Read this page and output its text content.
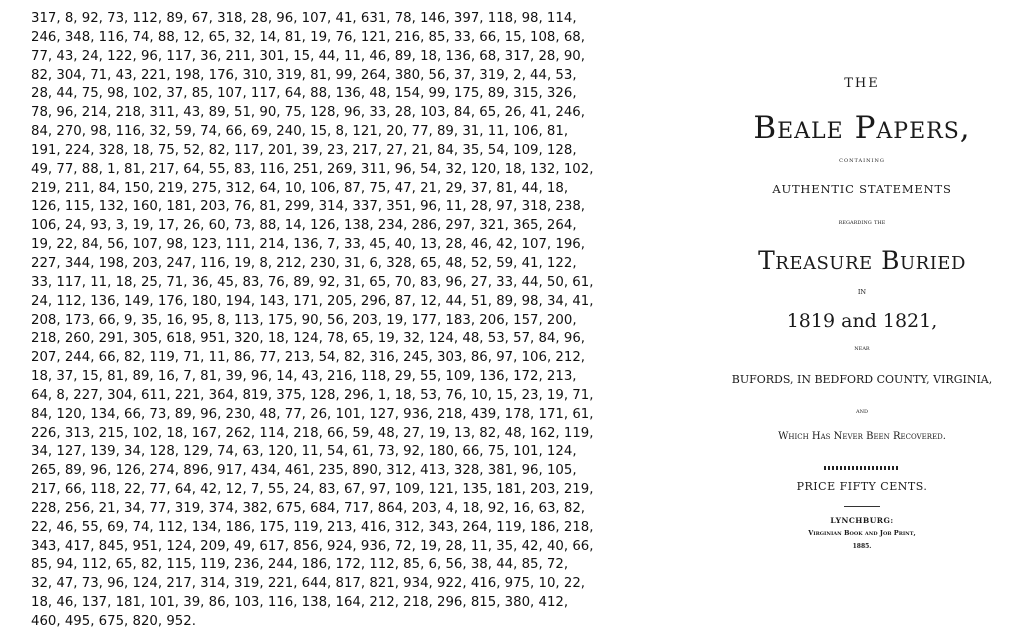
317, 8, 92, 73, 112, 89, 67, 318, 28, 96, 107, 41, 631, 78, 146, 397, 118, 98, 114,
246, 348, 116, 74, 88, 12, 65, 32, 14, 81, 19, 76, 121, 216, 85, 33, 66, 15, 108, 68,
77, 43, 24, 122, 96, 117, 36, 211, 301, 15, 44, 11, 46, 89, 18, 136, 68, 317, 28, 90,
82, 304, 71, 43, 221, 198, 176, 310, 319, 81, 99, 264, 380, 56, 37, 319, 2, 44, 53,
28, 44, 75, 98, 102, 37, 85, 107, 117, 64, 88, 136, 48, 154, 99, 175, 89, 315, 326,
78, 96, 214, 218, 311, 43, 89, 51, 90, 75, 128, 96, 33, 28, 103, 84, 65, 26, 41, 246,
84, 270, 98, 116, 32, 59, 74, 66, 69, 240, 15, 8, 121, 20, 77, 89, 31, 11, 106, 81,
191, 224, 328, 18, 75, 52, 82, 117, 201, 39, 23, 217, 27, 21, 84, 35, 54, 109, 128,
49, 77, 88, 1, 81, 217, 64, 55, 83, 116, 251, 269, 311, 96, 54, 32, 120, 18, 132, 102,
219, 211, 84, 150, 219, 275, 312, 64, 10, 106, 87, 75, 47, 21, 29, 37, 81, 44, 18,
126, 115, 132, 160, 181, 203, 76, 81, 299, 314, 337, 351, 96, 11, 28, 97, 318, 238,
106, 24, 93, 3, 19, 17, 26, 60, 73, 88, 14, 126, 138, 234, 286, 297, 321, 365, 264,
19, 22, 84, 56, 107, 98, 123, 111, 214, 136, 7, 33, 45, 40, 13, 28, 46, 42, 107, 196,
227, 344, 198, 203, 247, 116, 19, 8, 212, 230, 31, 6, 328, 65, 48, 52, 59, 41, 122,
33, 117, 11, 18, 25, 71, 36, 45, 83, 76, 89, 92, 31, 65, 70, 83, 96, 27, 33, 44, 50, 61,
24, 112, 136, 149, 176, 180, 194, 143, 171, 205, 296, 87, 12, 44, 51, 89, 98, 34, 41,
208, 173, 66, 9, 35, 16, 95, 8, 113, 175, 90, 56, 203, 19, 177, 183, 206, 157, 200,
218, 260, 291, 305, 618, 951, 320, 18, 124, 78, 65, 19, 32, 124, 48, 53, 57, 84, 96,
207, 244, 66, 82, 119, 71, 11, 86, 77, 213, 54, 82, 316, 245, 303, 86, 97, 106, 212,
18, 37, 15, 81, 89, 16, 7, 81, 39, 96, 14, 43, 216, 118, 29, 55, 109, 136, 172, 213,
64, 8, 227, 304, 611, 221, 364, 819, 375, 128, 296, 1, 18, 53, 76, 10, 15, 23, 19, 71,
84, 120, 134, 66, 73, 89, 96, 230, 48, 77, 26, 101, 127, 936, 218, 439, 178, 171, 61,
226, 313, 215, 102, 18, 167, 262, 114, 218, 66, 59, 48, 27, 19, 13, 82, 48, 162, 119,
34, 127, 139, 34, 128, 129, 74, 63, 120, 11, 54, 61, 73, 92, 180, 66, 75, 101, 124,
265, 89, 96, 126, 274, 896, 917, 434, 461, 235, 890, 312, 413, 328, 381, 96, 105,
217, 66, 118, 22, 77, 64, 42, 12, 7, 55, 24, 83, 67, 97, 109, 121, 135, 181, 203, 219,
228, 256, 21, 34, 77, 319, 374, 382, 675, 684, 717, 864, 203, 4, 18, 92, 16, 63, 82,
22, 46, 55, 69, 74, 112, 134, 186, 175, 119, 213, 416, 312, 343, 264, 119, 186, 218,
343, 417, 845, 951, 124, 209, 49, 617, 856, 924, 936, 72, 19, 28, 11, 35, 42, 40, 66,
85, 94, 112, 65, 82, 115, 119, 236, 244, 186, 172, 112, 85, 6, 56, 38, 44, 85, 72,
32, 47, 73, 96, 124, 217, 314, 319, 221, 644, 817, 821, 934, 922, 416, 975, 10, 22,
18, 46, 137, 181, 101, 39, 86, 103, 116, 138, 164, 212, 218, 296, 815, 380, 412,
460, 495, 675, 820, 952.
THE
Beale Papers,
containing
AUTHENTIC STATEMENTS
regarding the
Treasure Buried
IN
1819 and 1821,
near
BUFORDS, IN BEDFORD COUNTY, VIRGINIA,
and
Which Has Never Been Recovered.
PRICE FIFTY CENTS.
LYNCHBURG:
Virginian Book and Job Print,
1885.
